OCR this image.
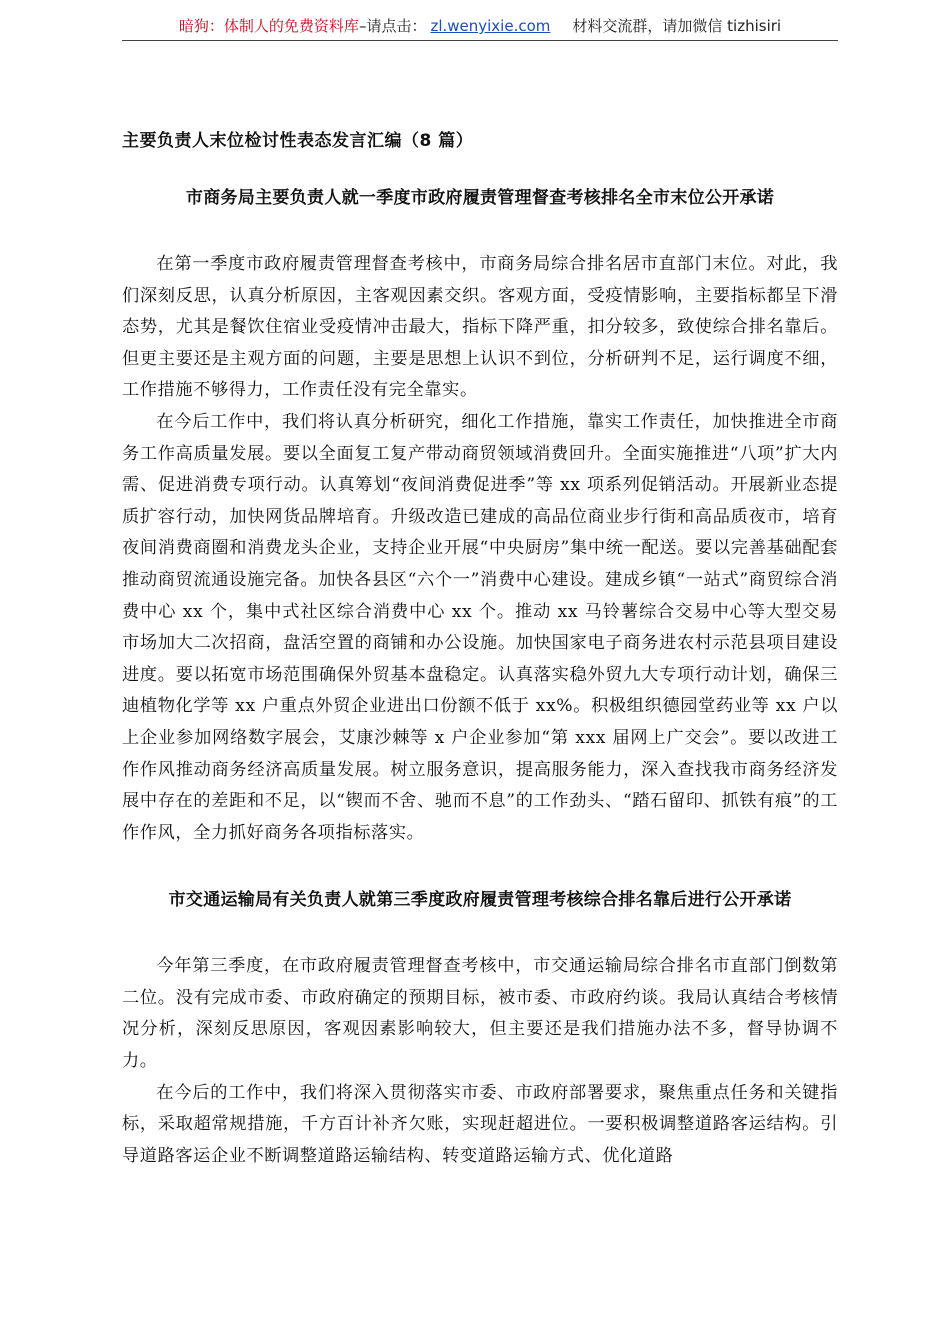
暗狗：体制人的免费资料库–请点击： zl.wenyixie.com 材料交流群，请加微信 tizhisiri
主要负责人末位检讨性表态发言汇编（8 篇）
市商务局主要负责人就一季度市政府履责管理督查考核排名全市末位公开承诺

在第一季度市政府履责管理督查考核中，市商务局综合排名居市直部门末位。对此，我们深刻反思，认真分析原因，主客观因素交织。客观方面，受疫情影响，主要指标都呈下滑态势，尤其是餐饮住宿业受疫情冲击最大，指标下降严重，扣分较多，致使综合排名靠后。但更主要还是主观方面的问题，主要是思想上认识不到位，分析研判不足，运行调度不细，工作措施不够得力，工作责任没有完全靠实。

在今后工作中，我们将认真分析研究，细化工作措施，靠实工作责任，加快推进全市商务工作高质量发展。要以全面复工复产带动商贸领域消费回升。全面实施推进“八项”扩大内需、促进消费专项行动。认真筹划“夜间消费促进季”等 xx 项系列促销活动。开展新业态提质扩容行动，加快网货品牌培育。升级改造已建成的高品位商业步行街和高品质夜市，培育夜间消费商圈和消费龙头企业，支持企业开展“中央厨房”集中统一配送。要以完善基础配套推动商贸流通设施完备。加快各县区“六个一”消费中心建设。建成乡镇“一站式”商贸综合消费中心 xx 个，集中式社区综合消费中心 xx 个。推动 xx 马铃薯综合交易中心等大型交易市场加大二次招商，盘活空置的商铺和办公设施。加快国家电子商务进农村示范县项目建设进度。要以拓宽市场范围确保外贸基本盘稳定。认真落实稳外贸九大专项行动计划，确保三迪植物化学等 xx 户重点外贸企业进出口份额不低于 xx%。积极组织德园堂药业等 xx 户以上企业参加网络数字展会，艾康沙棘等 x 户企业参加“第 xxx 届网上广交会”。要以改进工作作风推动商务经济高质量发展。树立服务意识，提高服务能力，深入查找我市商务经济发展中存在的差距和不足，以“锲而不舍、驰而不息”的工作劲头、“踏石留印、抓铁有痕”的工作作风，全力抓好商务各项指标落实。

市交通运输局有关负责人就第三季度政府履责管理考核综合排名靠后进行公开承诺

今年第三季度，在市政府履责管理督查考核中，市交通运输局综合排名市直部门倒数第二位。没有完成市委、市政府确定的预期目标，被市委、市政府约谈。我局认真结合考核情况分析，深刻反思原因，客观因素影响较大，但主要还是我们措施办法不多，督导协调不力。

在今后的工作中，我们将深入贯彻落实市委、市政府部署要求，聚焦重点任务和关键指标，采取超常规措施，千方百计补齐欠账，实现赶超进位。一要积极调整道路客运结构。引导道路客运企业不断调整道路运输结构、转变道路运输方式、优化道路
